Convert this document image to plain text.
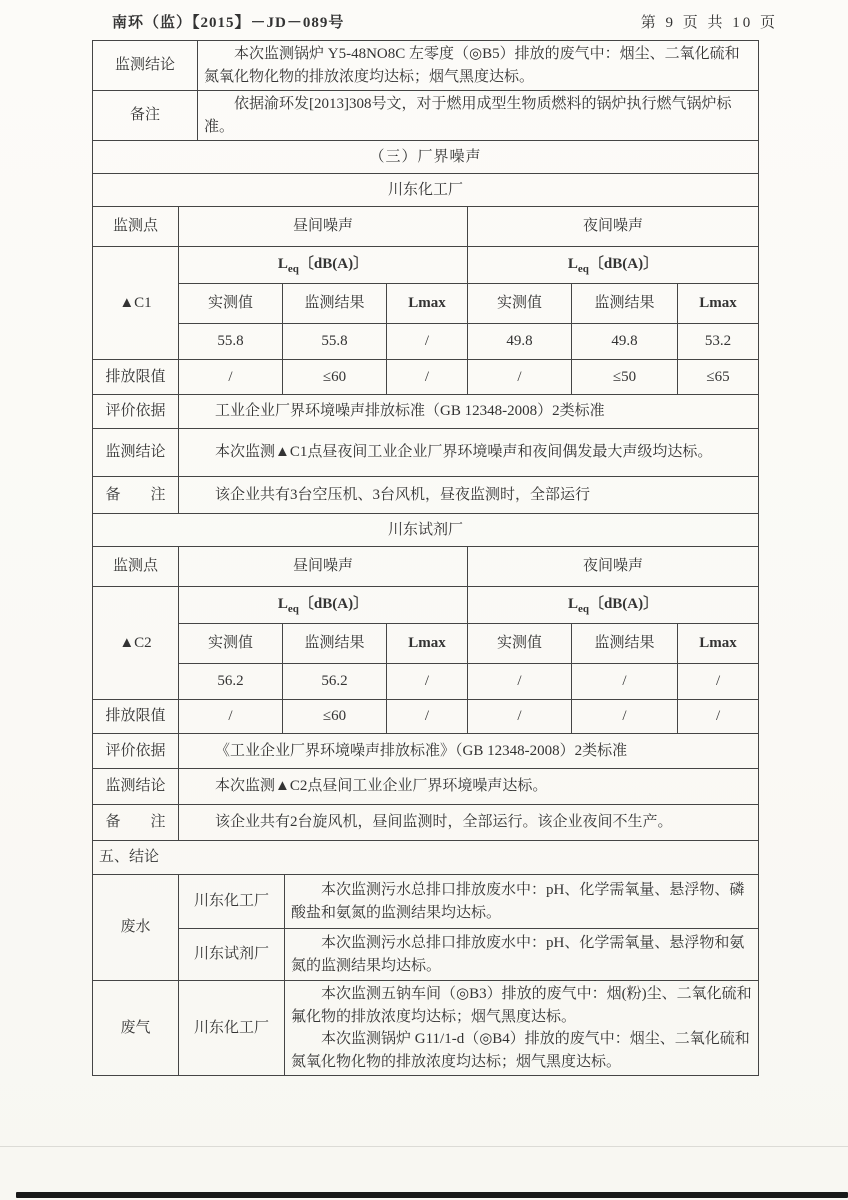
南环（监）【2015】－JD－089号	第 9 页 共 10 页
监测结论	本次监测锅炉 Y5-48NO8C 左零度（◎B5）排放的废气中：烟尘、二氧化硫和氮氧化物化物的排放浓度均达标；烟气黑度达标。
备注	依据渝环发[2013]308号文，对于燃用成型生物质燃料的锅炉执行燃气锅炉标准。
（三）厂界噪声						
川东化工厂						
监测点	昼间噪声			夜间噪声		
▲C1	$L_{eq}$〔dB(A)〕			$L_{eq}$〔dB(A)〕		
	实测值	监测结果	Lmax	实测值	监测结果	Lmax
	55.8	55.8	/	49.8	49.8	53.2
排放限值	/	≤60	/	/	≤50	≤65
评价依据	工业企业厂界环境噪声排放标准（GB 12348-2008）2类标准					
监测结论	本次监测▲C1点昼夜间工业企业厂界环境噪声和夜间偶发最大声级均达标。					
备　　注	该企业共有3台空压机、3台风机，昼夜监测时，全部运行					
川东试剂厂						
监测点	昼间噪声			夜间噪声		
▲C2	$L_{eq}$〔dB(A)〕			$L_{eq}$〔dB(A)〕		
	实测值	监测结果	Lmax	实测值	监测结果	Lmax
	56.2	56.2	/	/	/	/
排放限值	/	≤60	/	/	/	/
评价依据	《工业企业厂界环境噪声排放标准》（GB 12348-2008）2类标准					
监测结论	本次监测▲C2点昼间工业企业厂界环境噪声达标。					
备　　注	该企业共有2台旋风机，昼间监测时，全部运行。该企业夜间不生产。					
五、结论		
废水	川东化工厂	本次监测污水总排口排放废水中：pH、化学需氧量、悬浮物、磷酸盐和氨氮的监测结果均达标。
	川东试剂厂	本次监测污水总排口排放废水中：pH、化学需氧量、悬浮物和氨氮的监测结果均达标。
废气	川东化工厂	本次监测五钠车间（◎B3）排放的废气中：烟(粉)尘、二氧化硫和氟化物的排放浓度均达标；烟气黑度达标。

本次监测锅炉 G11/1-d（◎B4）排放的废气中：烟尘、二氧化硫和氮氧化物化物的排放浓度均达标；烟气黑度达标。
